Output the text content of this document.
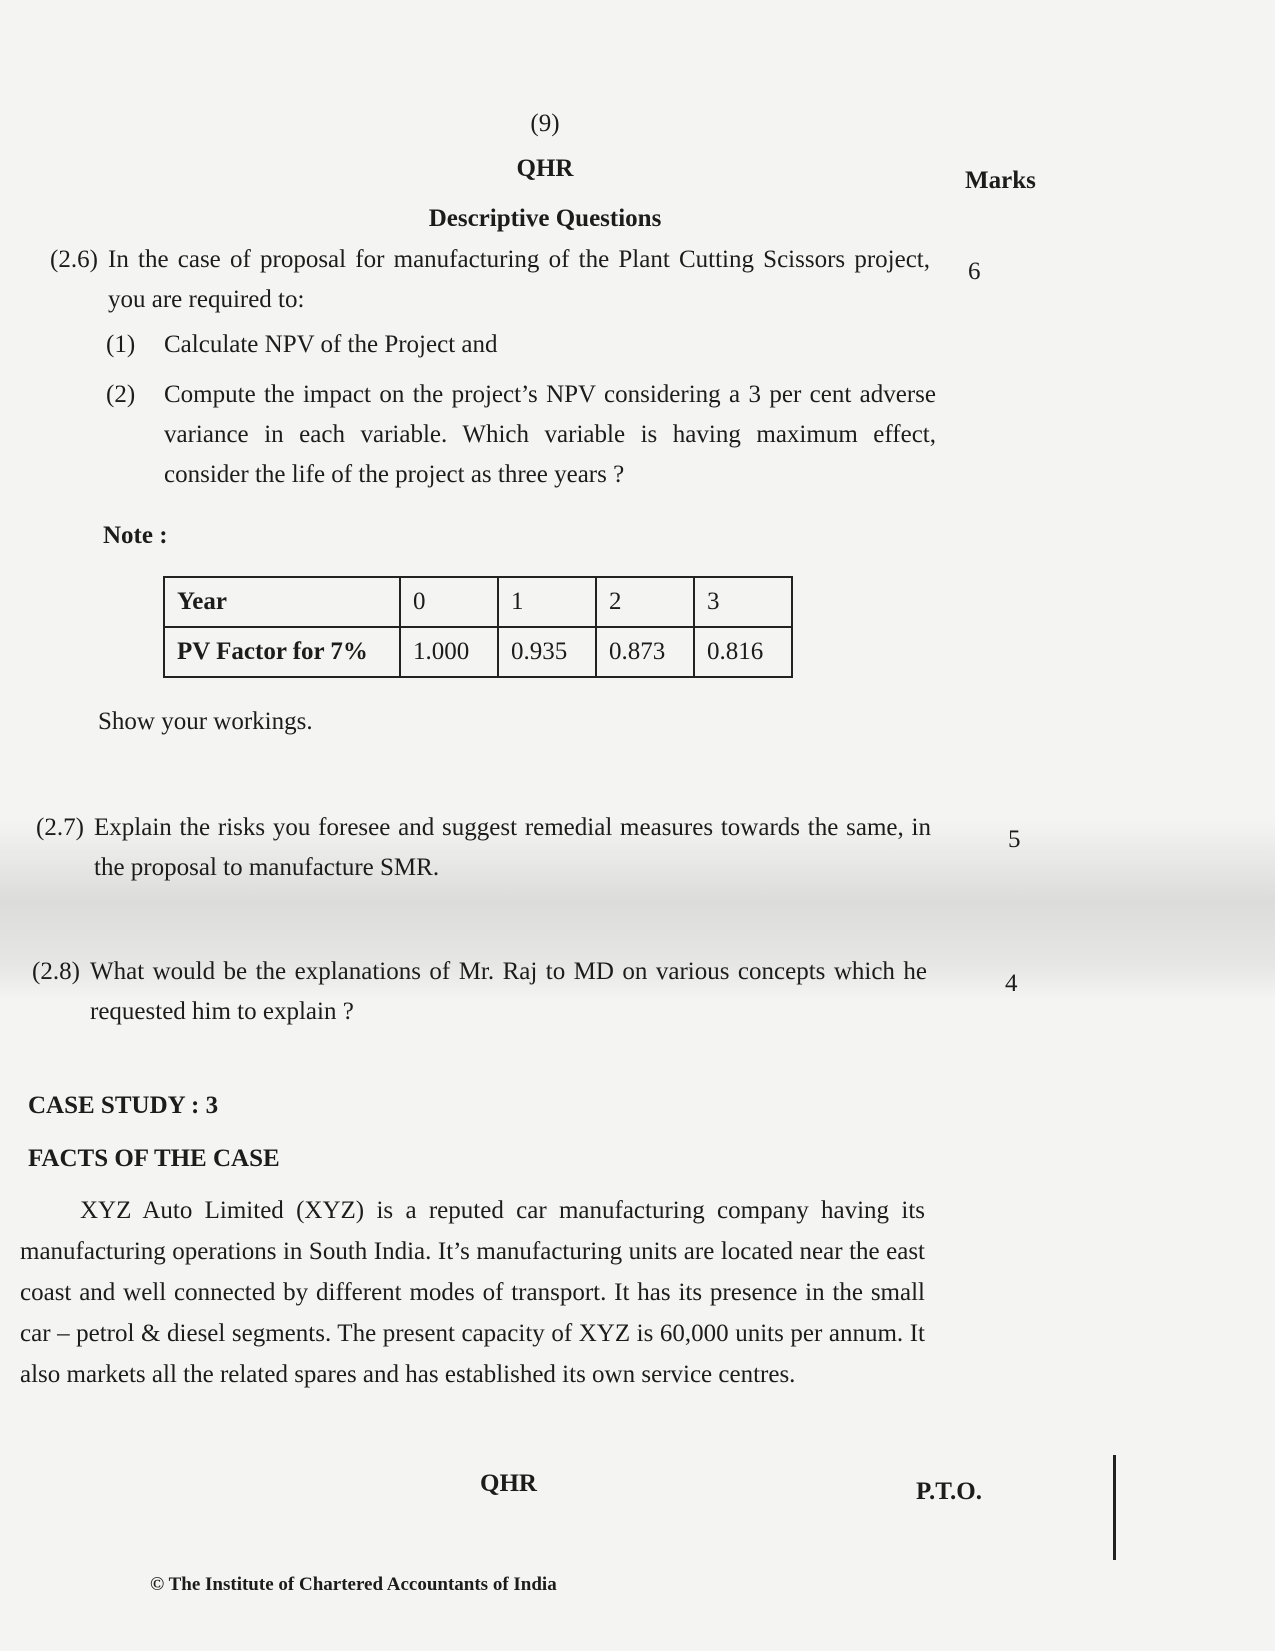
(9)

QHR	Marks

Descriptive Questions

(2.6) In the case of proposal for manufacturing of the Plant Cutting Scissors project, you are required to:

6

(1) Calculate NPV of the Project and
(2) Compute the impact on the project’s NPV considering a 3 per cent adverse variance in each variable. Which variable is having maximum effect, consider the life of the project as three years ?

Note :

Year	0	1	2	3
PV Factor for 7%	1.000	0.935	0.873	0.816

Show your workings.

(2.7) Explain the risks you foresee and suggest remedial measures towards the same, in the proposal to manufacture SMR.

5

(2.8) What would be the explanations of Mr. Raj to MD on various concepts which he requested him to explain ?

4

CASE STUDY : 3

FACTS OF THE CASE

XYZ Auto Limited (XYZ) is a reputed car manufacturing company having its manufacturing operations in South India. It’s manufacturing units are located near the east coast and well connected by different modes of transport. It has its presence in the small car – petrol & diesel segments. The present capacity of XYZ is 60,000 units per annum. It also markets all the related spares and has established its own service centres.

QHR	P.T.O.

© The Institute of Chartered Accountants of India
